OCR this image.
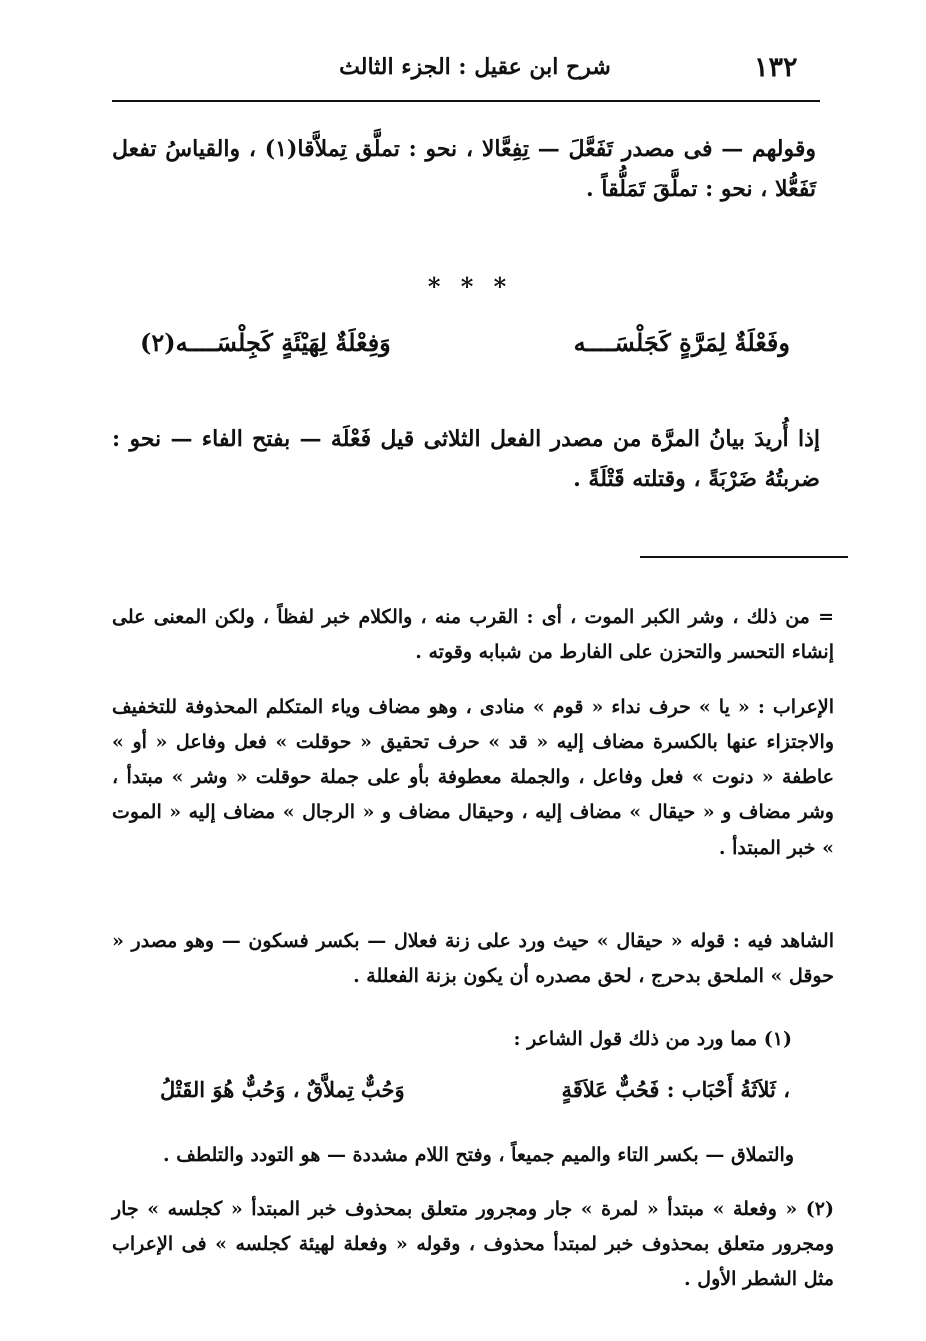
١٣٢
شرح ابن عقيل : الجزء الثالث
وقولهم — فى مصدر تَفَعَّلَ — تِفِعَّالا ، نحو : تملَّق تِملاَّقا(١) ، والقياسُ تفعل تَفَعُّلا ، نحو : تملَّقَ تَمَلُّقاً .
* * *
وفَعْلَةٌ لِمَرَّةٍ كَجَلْسَــــه
وَفِعْلَةٌ لِهَيْئَةٍ كَجِلْسَــــه(٢)
إذا أُريدَ بيانُ المرَّة من مصدر الفعل الثلاثى قيل فَعْلَة — بفتح الفاء — نحو : ضربتُهُ ضَرْبَةً ، وقتلته قَتْلَةً .
= من ذلك ، وشر الكبر الموت ، أى : القرب منه ، والكلام خبر لفظاً ، ولكن المعنى على إنشاء التحسر والتحزن على الفارط من شبابه وقوته .
الإعراب : « يا » حرف نداء « قوم » منادى ، وهو مضاف وياء المتكلم المحذوفة للتخفيف والاجتزاء عنها بالكسرة مضاف إليه « قد » حرف تحقيق « حوقلت » فعل وفاعل « أو » عاطفة « دنوت » فعل وفاعل ، والجملة معطوفة بأو على جملة حوقلت « وشر » مبتدأ ، وشر مضاف و « حيقال » مضاف إليه ، وحيقال مضاف و « الرجال » مضاف إليه « الموت » خبر المبتدأ .
الشاهد فيه : قوله « حيقال » حيث ورد على زنة فعلال — بكسر فسكون — وهو مصدر « حوقل » الملحق بدحرج ، لحق مصدره أن يكون بزنة الفعللة .
(١) مما ورد من ذلك قول الشاعر :
ثَلاَثَةُ أَحْبَاب : فَحُبٌّ عَلاَقَةٍ ،
وَحُبٌّ تِملاَّقٌ ، وَحُبٌّ هُوَ القَتْلُ
والتملاق — بكسر التاء والميم جميعاً ، وفتح اللام مشددة — هو التودد والتلطف .
(٢) « وفعلة » مبتدأ « لمرة » جار ومجرور متعلق بمحذوف خبر المبتدأ « كجلسه » جار ومجرور متعلق بمحذوف خبر لمبتدأ محذوف ، وقوله « وفعلة لهيئة كجلسه » فى الإعراب مثل الشطر الأول .
